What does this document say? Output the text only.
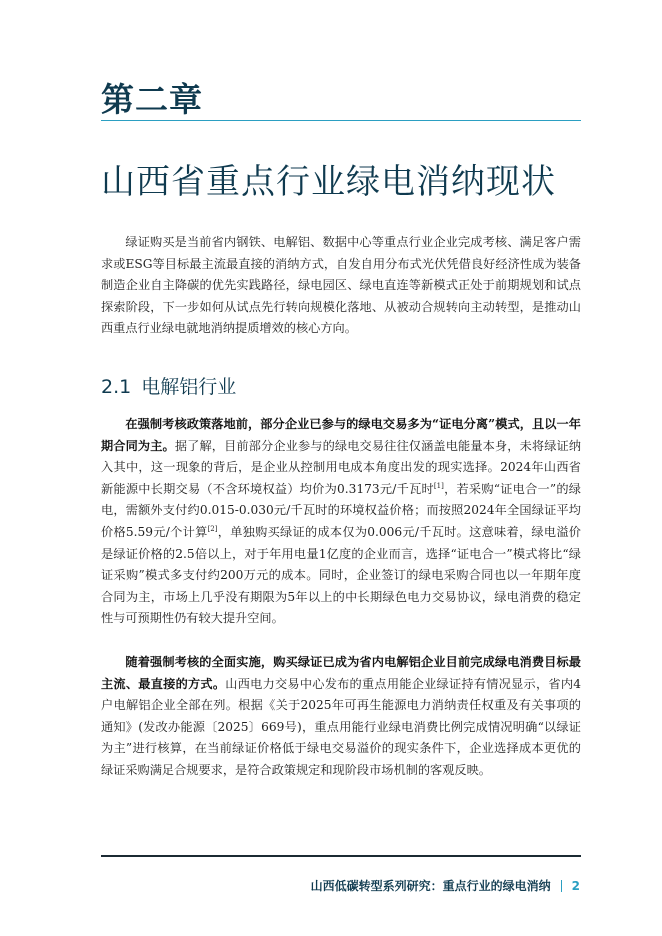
第二章
山西省重点行业绿电消纳现状

绿证购买是当前省内钢铁、电解铝、数据中心等重点行业企业完成考核、满足客户需求或ESG等目标最主流最直接的消纳方式，自发自用分布式光伏凭借良好经济性成为装备制造企业自主降碳的优先实践路径，绿电园区、绿电直连等新模式正处于前期规划和试点探索阶段，下一步如何从试点先行转向规模化落地、从被动合规转向主动转型，是推动山西重点行业绿电就地消纳提质增效的核心方向。

2.1 电解铝行业

在强制考核政策落地前，部分企业已参与的绿电交易多为“证电分离”模式，且以一年期合同为主。据了解，目前部分企业参与的绿电交易往往仅涵盖电能量本身，未将绿证纳入其中，这一现象的背后，是企业从控制用电成本角度出发的现实选择。2024年山西省新能源中长期交易（不含环境权益）均价为0.3173元/千瓦时[1]，若采购“证电合一”的绿电，需额外支付约0.015-0.030元/千瓦时的环境权益价格；而按照2024年全国绿证平均价格5.59元/个计算[2]，单独购买绿证的成本仅为0.006元/千瓦时。这意味着，绿电溢价是绿证价格的2.5倍以上，对于年用电量1亿度的企业而言，选择“证电合一”模式将比“绿证采购”模式多支付约200万元的成本。同时，企业签订的绿电采购合同也以一年期年度合同为主，市场上几乎没有期限为5年以上的中长期绿色电力交易协议，绿电消费的稳定性与可预期性仍有较大提升空间。

随着强制考核的全面实施，购买绿证已成为省内电解铝企业目前完成绿电消费目标最主流、最直接的方式。山西电力交易中心发布的重点用能企业绿证持有情况显示，省内4户电解铝企业全部在列。根据《关于2025年可再生能源电力消纳责任权重及有关事项的通知》(发改办能源〔2025〕669号)，重点用能行业绿电消费比例完成情况明确“以绿证为主”进行核算，在当前绿证价格低于绿电交易溢价的现实条件下，企业选择成本更优的绿证采购满足合规要求，是符合政策规定和现阶段市场机制的客观反映。

山西低碳转型系列研究：重点行业的绿电消纳 2
